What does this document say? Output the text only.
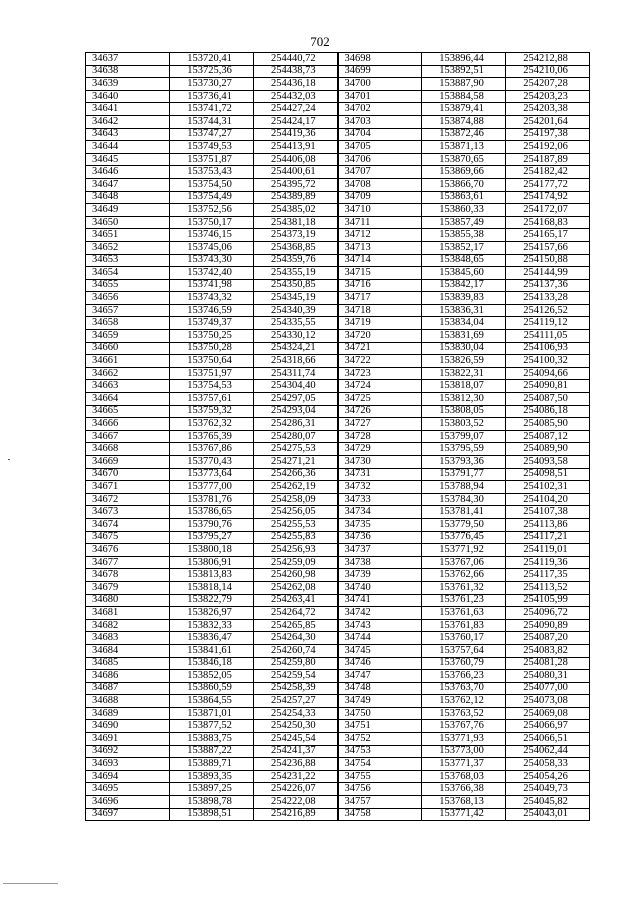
702
34637	153720,41	254440,72	34698	153896,44	254212,88
34638	153725,36	254438,73	34699	153892,51	254210,06
34639	153730,27	254436,18	34700	153887,90	254207,28
34640	153736,41	254432,03	34701	153884,58	254203,23
34641	153741,72	254427,24	34702	153879,41	254203,38
34642	153744,31	254424,17	34703	153874,88	254201,64
34643	153747,27	254419,36	34704	153872,46	254197,38
34644	153749,53	254413,91	34705	153871,13	254192,06
34645	153751,87	254406,08	34706	153870,65	254187,89
34646	153753,43	254400,61	34707	153869,66	254182,42
34647	153754,50	254395,72	34708	153866,70	254177,72
34648	153754,49	254389,89	34709	153863,61	254174,92
34649	153752,56	254385,02	34710	153860,33	254172,07
34650	153750,17	254381,18	34711	153857,49	254168,83
34651	153746,15	254373,19	34712	153855,38	254165,17
34652	153745,06	254368,85	34713	153852,17	254157,66
34653	153743,30	254359,76	34714	153848,65	254150,88
34654	153742,40	254355,19	34715	153845,60	254144,99
34655	153741,98	254350,85	34716	153842,17	254137,36
34656	153743,32	254345,19	34717	153839,83	254133,28
34657	153746,59	254340,39	34718	153836,31	254126,52
34658	153749,37	254335,55	34719	153834,04	254119,12
34659	153750,25	254330,12	34720	153831,69	254111,05
34660	153750,28	254324,21	34721	153830,04	254106,93
34661	153750,64	254318,66	34722	153826,59	254100,32
34662	153751,97	254311,74	34723	153822,31	254094,66
34663	153754,53	254304,40	34724	153818,07	254090,81
34664	153757,61	254297,05	34725	153812,30	254087,50
34665	153759,32	254293,04	34726	153808,05	254086,18
34666	153762,32	254286,31	34727	153803,52	254085,90
34667	153765,39	254280,07	34728	153799,07	254087,12
34668	153767,86	254275,53	34729	153795,59	254089,90
34669	153770,43	254271,21	34730	153793,36	254093,58
34670	153773,64	254266,36	34731	153791,77	254098,51
34671	153777,00	254262,19	34732	153788,94	254102,31
34672	153781,76	254258,09	34733	153784,30	254104,20
34673	153786,65	254256,05	34734	153781,41	254107,38
34674	153790,76	254255,53	34735	153779,50	254113,86
34675	153795,27	254255,83	34736	153776,45	254117,21
34676	153800,18	254256,93	34737	153771,92	254119,01
34677	153806,91	254259,09	34738	153767,06	254119,36
34678	153813,83	254260,98	34739	153762,66	254117,35
34679	153818,14	254262,08	34740	153761,32	254113,52
34680	153822,79	254263,41	34741	153761,23	254105,99
34681	153826,97	254264,72	34742	153761,63	254096,72
34682	153832,33	254265,85	34743	153761,83	254090,89
34683	153836,47	254264,30	34744	153760,17	254087,20
34684	153841,61	254260,74	34745	153757,64	254083,82
34685	153846,18	254259,80	34746	153760,79	254081,28
34686	153852,05	254259,54	34747	153766,23	254080,31
34687	153860,59	254258,39	34748	153763,70	254077,00
34688	153864,55	254257,27	34749	153762,12	254073,08
34689	153871,01	254254,33	34750	153763,52	254069,08
34690	153877,52	254250,30	34751	153767,76	254066,97
34691	153883,75	254245,54	34752	153771,93	254066,51
34692	153887,22	254241,37	34753	153773,00	254062,44
34693	153889,71	254236,88	34754	153771,37	254058,33
34694	153893,35	254231,22	34755	153768,03	254054,26
34695	153897,25	254226,07	34756	153766,38	254049,73
34696	153898,78	254222,08	34757	153768,13	254045,82
34697	153898,51	254216,89	34758	153771,42	254043,01
